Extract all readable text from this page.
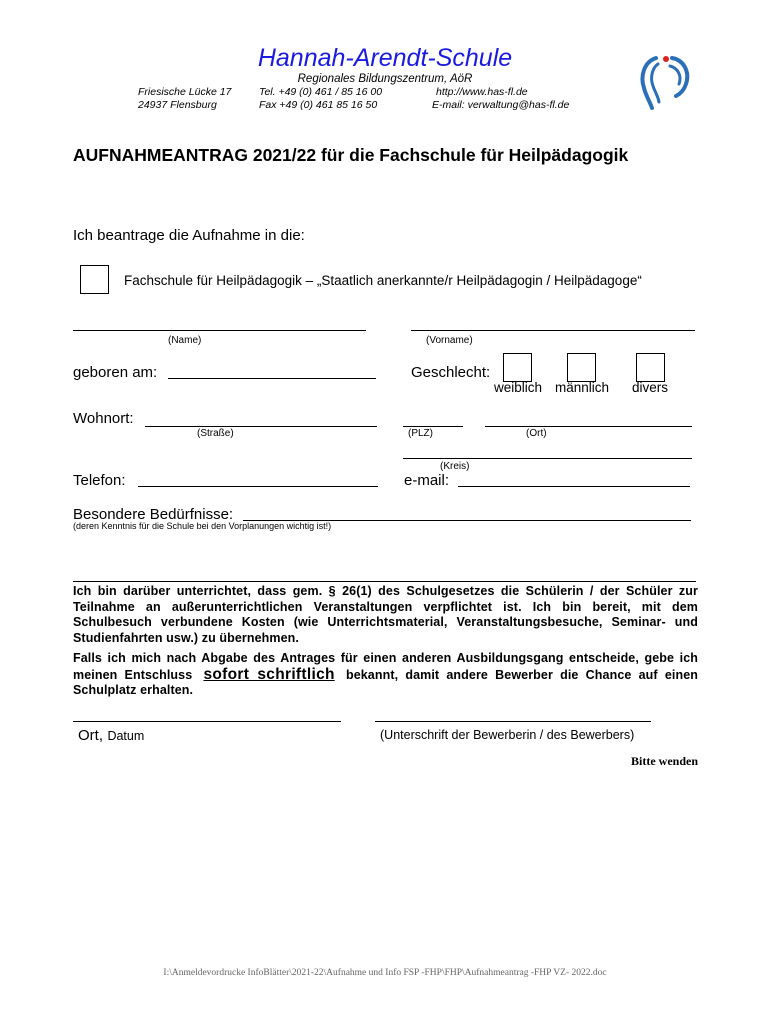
Hannah-Arendt-Schule
Regionales Bildungszentrum, AöR
Friesische Lücke 17
24937 Flensburg
Tel. +49 (0) 461 / 85 16 00
Fax +49 (0) 461 85 16 50
http://www.has-fl.de
E-mail: verwaltung@has-fl.de
AUFNAHMEANTRAG 2021/22 für die Fachschule für Heilpädagogik
Ich beantrage die Aufnahme in die:
Fachschule für Heilpädagogik – „Staatlich anerkannte/r Heilpädagogin / Heilpädagoge“
(Name)	(Vorname)
geboren am:	Geschlecht:
weiblich männlich divers
Wohnort:
(Straße)	(PLZ)	(Ort)
(Kreis)
Telefon:	e-mail:
Besondere Bedürfnisse:
(deren Kenntnis für die Schule bei den Vorplanungen wichtig ist!)
Ich bin darüber unterrichtet, dass gem. § 26(1) des Schulgesetzes die Schülerin / der Schüler zur Teilnahme an außerunterrichtlichen Veranstaltungen verpflichtet ist. Ich bin bereit, mit dem Schulbesuch verbundene Kosten (wie Unterrichtsmaterial, Veranstaltungsbesuche, Seminar- und Studienfahrten usw.) zu übernehmen.
Falls ich mich nach Abgabe des Antrages für einen anderen Ausbildungsgang entscheide, gebe ich meinen Entschluss sofort schriftlich bekannt, damit andere Bewerber die Chance auf einen Schulplatz erhalten.
Ort, Datum	(Unterschrift der Bewerberin / des Bewerbers)
Bitte wenden
I:\Anmeldevordrucke InfoBlätter\2021-22\Aufnahme und Info FSP -FHP\FHP\Aufnahmeantrag -FHP VZ- 2022.doc
